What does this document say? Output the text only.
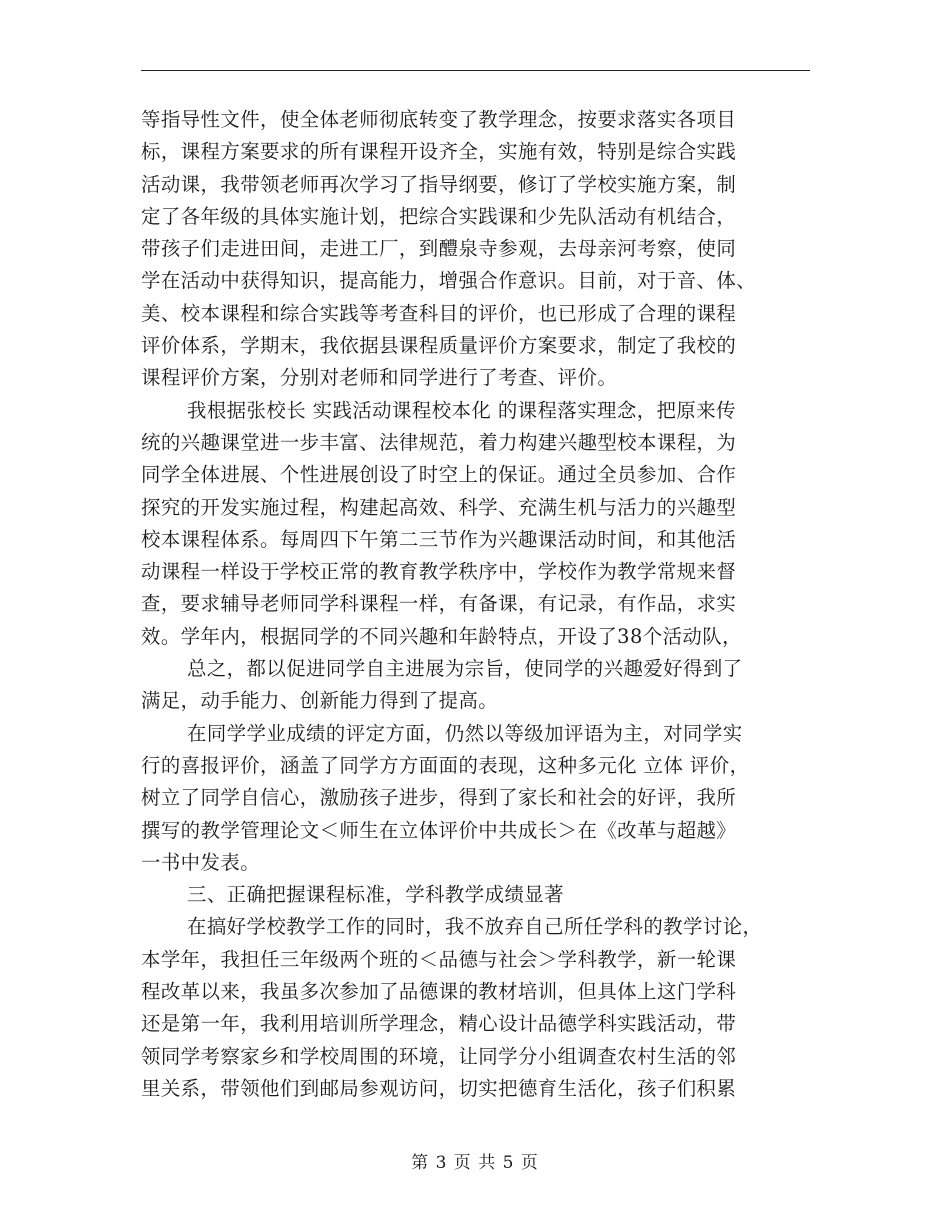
等指导性文件，使全体老师彻底转变了教学理念，按要求落实各项目
标，课程方案要求的所有课程开设齐全，实施有效，特别是综合实践
活动课，我带领老师再次学习了指导纲要，修订了学校实施方案，制
定了各年级的具体实施计划，把综合实践课和少先队活动有机结合，
带孩子们走进田间，走进工厂，到醴泉寺参观，去母亲河考察，使同
学在活动中获得知识，提高能力，增强合作意识。目前，对于音、体、
美、校本课程和综合实践等考查科目的评价，也已形成了合理的课程
评价体系，学期末，我依据县课程质量评价方案要求，制定了我校的
课程评价方案，分别对老师和同学进行了考查、评价。
我根据张校长 实践活动课程校本化 的课程落实理念，把原来传
统的兴趣课堂进一步丰富、法律规范，着力构建兴趣型校本课程，为
同学全体进展、个性进展创设了时空上的保证。通过全员参加、合作
探究的开发实施过程，构建起高效、科学、充满生机与活力的兴趣型
校本课程体系。每周四下午第二三节作为兴趣课活动时间，和其他活
动课程一样设于学校正常的教育教学秩序中，学校作为教学常规来督
查，要求辅导老师同学科课程一样，有备课，有记录，有作品，求实
效。学年内，根据同学的不同兴趣和年龄特点，开设了38个活动队，
总之，都以促进同学自主进展为宗旨，使同学的兴趣爱好得到了
满足，动手能力、创新能力得到了提高。
在同学学业成绩的评定方面，仍然以等级加评语为主，对同学实
行的喜报评价，涵盖了同学方方面面的表现，这种多元化 立体 评价，
树立了同学自信心，激励孩子进步，得到了家长和社会的好评，我所
撰写的教学管理论文＜师生在立体评价中共成长＞在《改革与超越》
一书中发表。
三、正确把握课程标准，学科教学成绩显著
在搞好学校教学工作的同时，我不放弃自己所任学科的教学讨论，
本学年，我担任三年级两个班的＜品德与社会＞学科教学，新一轮课
程改革以来，我虽多次参加了品德课的教材培训，但具体上这门学科
还是第一年，我利用培训所学理念，精心设计品德学科实践活动，带
领同学考察家乡和学校周围的环境，让同学分小组调查农村生活的邻
里关系，带领他们到邮局参观访问，切实把德育生活化，孩子们积累
第 3 页 共 5 页
